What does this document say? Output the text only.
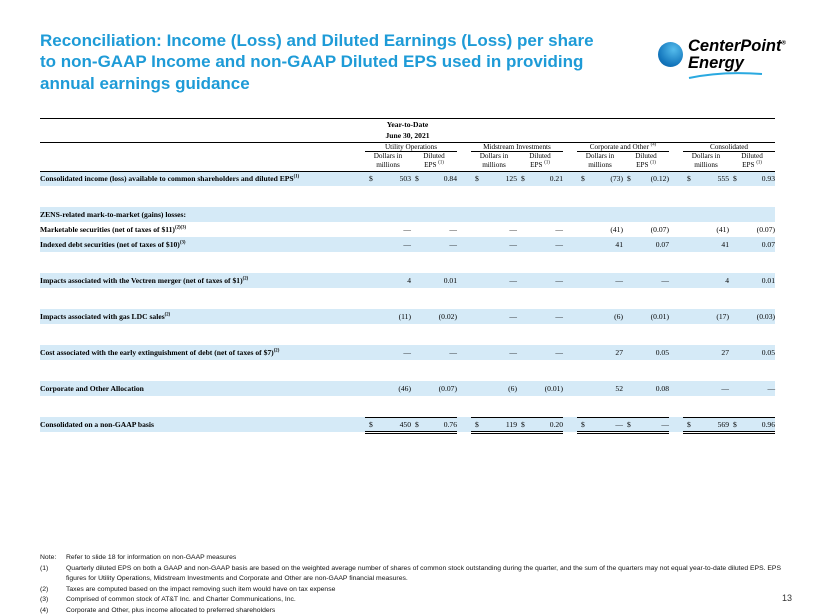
Reconciliation: Income (Loss) and Diluted Earnings (Loss) per share
to non-GAAP Income and non-GAAP Diluted EPS used in providing
annual earnings guidance
CenterPoint®
Energy
Year-to-Date
June 30, 2021											

	Utility Operations			Midstream Investments			Corporate and Other $^{(4)}$			Consolidated	

Dollars in
millions

Diluted
EPS $^{(1)}$

Dollars in
millions

Diluted
EPS $^{(1)}$

Dollars in
millions

Diluted
EPS $^{(1)}$

Dollars in
millions

Diluted
EPS $^{(1)}$

Consolidated income (loss) available to common shareholders and diluted EPS$^{(1)}$	$ 503	$ 0.84		$ 125	$ 0.21		$ (73)	$ (0.12)		$ 555	$ 0.93

ZENS-related mark-to-market (gains) losses:											
Marketable securities (net of taxes of $11)$^{(2)(3)}$	—	—		—	—		(41)	(0.07)		(41)	(0.07)
Indexed debt securities (net of taxes of $10)$^{(3)}$	—	—		—	—		41	0.07		41	0.07

Impacts associated with the Vectren merger (net of taxes of $1)$^{(2)}$	4	0.01		—	—		—	—		4	0.01

Impacts associated with gas LDC sales$^{(2)}$	(11)	(0.02)		—	—		(6)	(0.01)		(17)	(0.03)

Cost associated with the early extinguishment of debt (net of taxes of $7)$^{(2)}$	—	—		—	—		27	0.05		27	0.05

Corporate and Other Allocation	(46)	(0.07)		(6)	(0.01)		52	0.08		—	—

Consolidated on a non-GAAP basis	$ 450	$ 0.76		$ 119	$ 0.20		$ —	$ —		$ 569	$ 0.96
Note:	Refer to slide 18 for information on non-GAAP measures
(1)	Quarterly diluted EPS on both a GAAP and non-GAAP basis are based on the weighted average number of shares of common stock outstanding during the quarter, and the sum of the quarters may not equal year-to-date diluted EPS. EPS figures for Utility Operations, Midstream Investments and Corporate and Other are non-GAAP financial measures.
(2)	Taxes are computed based on the impact removing such item would have on tax expense
(3)	Comprised of common stock of AT&T Inc. and Charter Communications, Inc.
(4)	Corporate and Other, plus income allocated to preferred shareholders
13
